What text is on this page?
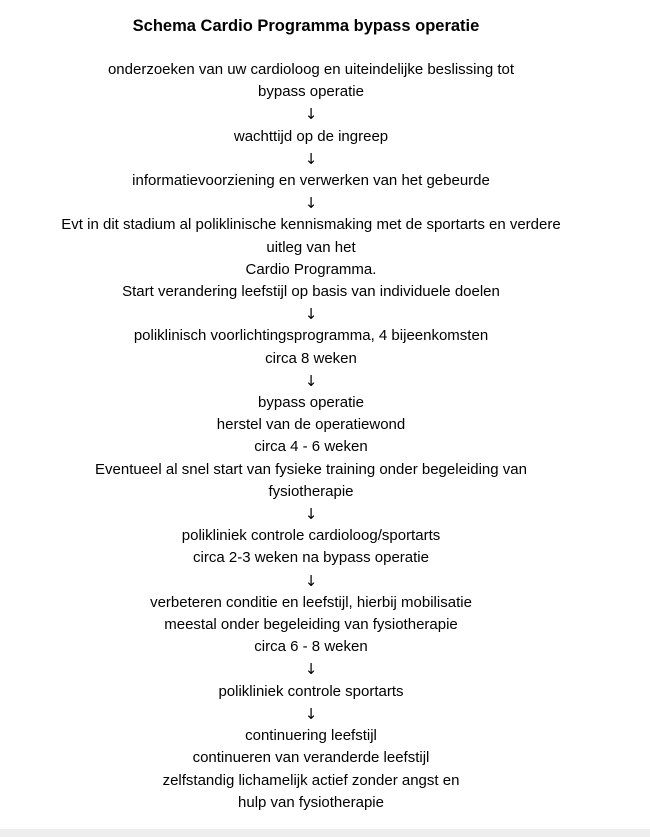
Schema Cardio Programma bypass operatie
onderzoeken van uw cardioloog en uiteindelijke beslissing tot
bypass operatie
↓
wachttijd op de ingreep
↓
informatievoorziening en verwerken van het gebeurde
↓
Evt in dit stadium al poliklinische kennismaking met de sportarts en verdere
uitleg van het
Cardio Programma.
Start verandering leefstijl op basis van individuele doelen
↓
poliklinisch voorlichtingsprogramma, 4 bijeenkomsten
circa 8 weken
↓
bypass operatie
herstel van de operatiewond
circa 4 - 6 weken
Eventueel al snel start van fysieke training onder begeleiding van
fysiotherapie
↓
polikliniek controle cardioloog/sportarts
circa 2-3 weken na bypass operatie
↓
verbeteren conditie en leefstijl, hierbij mobilisatie
meestal onder begeleiding van fysiotherapie
circa 6 - 8 weken
↓
polikliniek controle sportarts
↓
continuering leefstijl
continueren van veranderde leefstijl
zelfstandig lichamelijk actief zonder angst en
hulp van fysiotherapie
